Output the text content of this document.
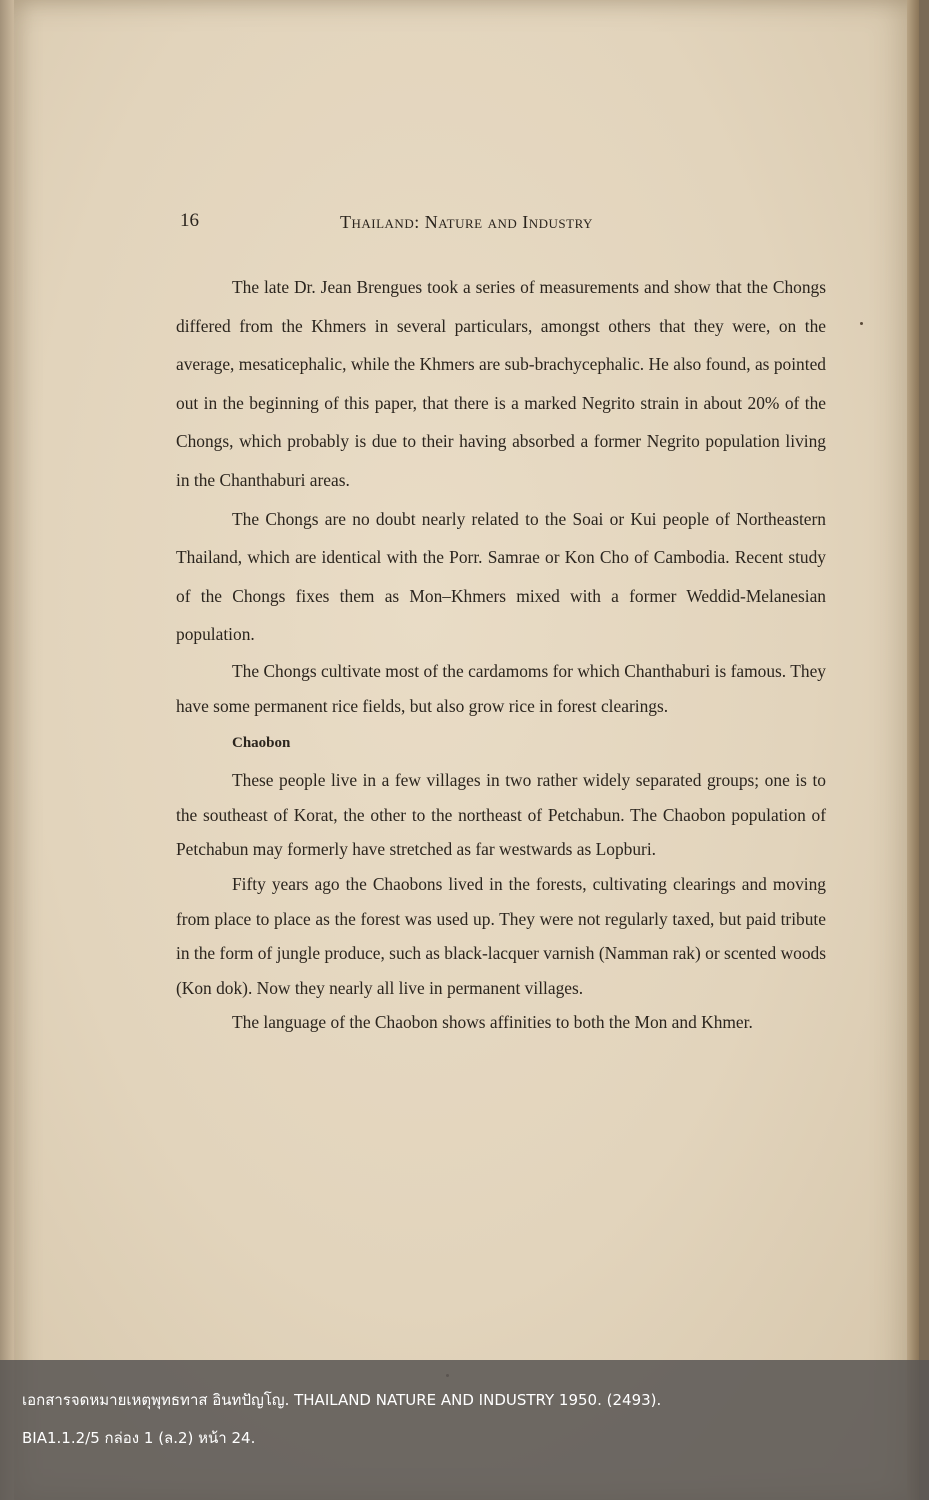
16	Thailand: Nature and Industry

The late Dr. Jean Brengues took a series of measurements and show that the Chongs differed from the Khmers in several particulars, amongst others that they were, on the average, mesaticephalic, while the Khmers are sub-brachycephalic. He also found, as pointed out in the beginning of this paper, that there is a marked Negrito strain in about 20% of the Chongs, which probably is due to their having absorbed a former Negrito population living in the Chanthaburi areas.

The Chongs are no doubt nearly related to the Soai or Kui people of Northeastern Thailand, which are identical with the Porr. Samrae or Kon Cho of Cambodia. Recent study of the Chongs fixes them as Mon–Khmers mixed with a former Weddid-Melanesian population.

The Chongs cultivate most of the cardamoms for which Chanthaburi is famous. They have some permanent rice fields, but also grow rice in forest clearings.

Chaobon

These people live in a few villages in two rather widely separated groups; one is to the southeast of Korat, the other to the northeast of Petchabun. The Chaobon population of Petchabun may formerly have stretched as far westwards as Lopburi.

Fifty years ago the Chaobons lived in the forests, cultivating clearings and moving from place to place as the forest was used up. They were not regularly taxed, but paid tribute in the form of jungle produce, such as black-lacquer varnish (Namman rak) or scented woods (Kon dok). Now they nearly all live in permanent villages.

The language of the Chaobon shows affinities to both the Mon and Khmer.

เอกสารจดหมายเหตุพุทธทาส อินทปัญโญ. THAILAND NATURE AND INDUSTRY 1950. (2493).
BIA1.1.2/5 กล่อง 1 (ล.2) หน้า 24.
